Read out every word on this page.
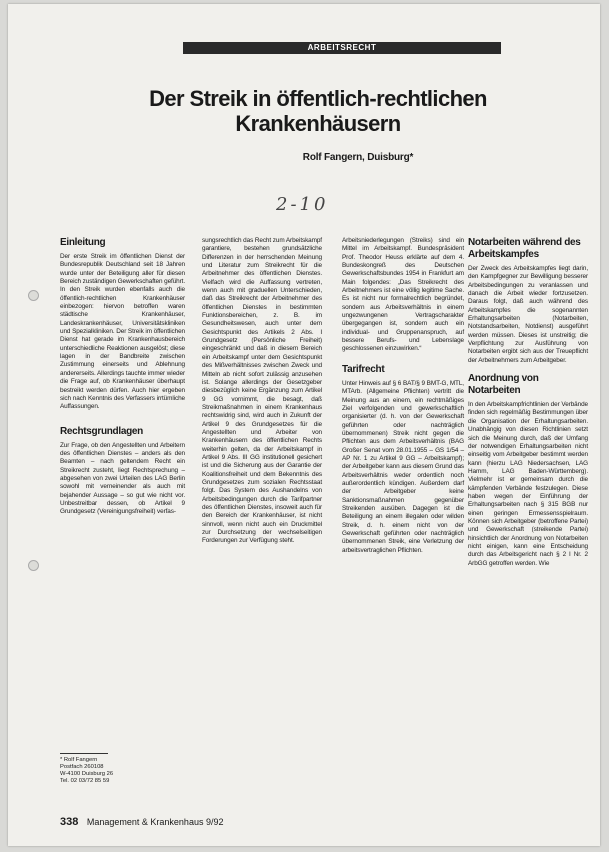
ARBEITSRECHT
Der Streik in öffentlich-rechtlichen
Krankenhäusern
Rolf Fangern, Duisburg*
2-10
Einleitung

Der erste Streik im öffentlichen Dienst der Bundesrepublik Deutschland seit 18 Jahren wurde unter der Beteiligung aller für diesen Bereich zuständigen Gewerkschaften geführt. In den Streik wurden ebenfalls auch die öffentlich-rechtlichen Krankenhäuser einbezogen: hiervon betroffen waren städtische Krankenhäuser, Landeskrankenhäuser, Universitätskliniken und Spezialkliniken. Der Streik im öffentlichen Dienst hat gerade im Krankenhausbereich unterschiedliche Reaktionen ausgelöst; diese lagen in der Bandbreite zwischen Zustimmung einerseits und Ablehnung andererseits. Allerdings tauchte immer wieder die Frage auf, ob Krankenhäuser überhaupt bestreikt werden dürfen. Auch hier ergeben sich nach Kenntnis des Verfassers irrtümliche Auffassungen.

Rechtsgrundlagen

Zur Frage, ob den Angestellten und Arbeitern des öffentlichen Dienstes – anders als den Beamten – nach geltendem Recht ein Streikrecht zusteht, liegt Rechtsprechung – abgesehen von zwei Urteilen des LAG Berlin sowohl mit verneinender als auch mit bejahender Aussage – so gut wie nicht vor. Unbestreitbar dessen, ob Artikel 9 Grundgesetz (Vereinigungsfreiheit) verfas-

sungsrechtlich das Recht zum Arbeitskampf garantiere, bestehen grundsätzliche Differenzen in der herrschenden Meinung und Literatur zum Streikrecht für die Arbeitnehmer des öffentlichen Dienstes. Vielfach wird die Auffassung vertreten, wenn auch mit graduellen Unterschieden, daß das Streikrecht der Arbeitnehmer des öffentlichen Dienstes in bestimmten Funktionsbereichen, z. B. im Gesundheitswesen, auch unter dem Gesichtspunkt des Artikels 2 Abs. I Grundgesetz (Persönliche Freiheit) eingeschränkt und daß in diesem Bereich ein Arbeitskampf unter dem Gesichtspunkt des Mißverhältnisses zwischen Zweck und Mitteln ab nicht sofort zulässig anzusehen ist. Solange allerdings der Gesetzgeber diesbezüglich keine Ergänzung zum Artikel 9 GG vornimmt, die besagt, daß Streikmaßnahmen in einem Krankenhaus rechtswidrig sind, wird auch in Zukunft der Artikel 9 des Grundgesetzes für die Angestellten und Arbeiter von Krankenhäusern des öffentlichen Rechts weiterhin gelten, da der Arbeitskampf in Artikel 9 Abs. III GG institutionell gesichert ist und die Sicherung aus der Garantie der Koalitionsfreiheit und dem Bekenntnis des Grundgesetzes zum sozialen Rechtsstaat folgt. Das System des Aushandelns von Arbeitsbedingungen durch die Tarifpartner des öffentlichen Dienstes, insoweit auch für den Bereich der Krankenhäuser, ist nicht sinnvoll, wenn nicht auch ein Druckmittel zur Durchsetzung der wechselseitigen Forderungen zur Verfügung steht.

Arbeitsniederlegungen (Streiks) sind ein Mittel im Arbeitskampf. Bundespräsident Prof. Theodor Heuss erklärte auf dem 4. Bundeskongreß des Deutschen Gewerkschaftsbundes 1954 in Frankfurt am Main folgendes: „Das Streikrecht des Arbeitnehmers ist eine völlig legitime Sache. Es ist nicht nur formalrechtlich begründet, sondern aus Arbeitsverhältnis in einem ungezwungenen Vertragscharakter übergegangen ist, sondern auch ein individual- und Gruppenanspruch, auf bessere Berufs- und Lebenslage geschlossenen einzuwirken.“

Tarifrecht

Unter Hinweis auf § 6 BAT/§ 9 BMT-G, MTL, MTArb. (Allgemeine Pflichten) vertritt die Meinung aus an einem, ein rechtmäßiges Ziel verfolgenden und gewerkschaftlich organisierter (d. h. von der Gewerkschaft geführten oder nachträglich übernommenen) Streik nicht gegen die Pflichten aus dem Arbeitsverhältnis (BAG Großer Senat vom 28.01.1955 – GS 1/54 – AP Nr. 1 zu Artikel 9 GG – Arbeitskampf); der Arbeitgeber kann aus diesem Grund das Arbeitsverhältnis weder ordentlich noch außerordentlich kündigen. Außerdem darf der Arbeitgeber keine Sanktionsmaßnahmen gegenüber Streikenden ausüben. Dagegen ist die Beteiligung an einem illegalen oder wilden Streik, d. h. einem nicht von der Gewerkschaft geführten oder nachträglich übernommenen Streik, eine Verletzung der arbeitsvertraglichen Pflichten.

Notarbeiten während des Arbeitskampfes

Der Zweck des Arbeitskampfes liegt darin, den Kampfgegner zur Bewilligung besserer Arbeitsbedingungen zu veranlassen und danach die Arbeit wieder fortzusetzen. Daraus folgt, daß auch während des Arbeitskampfes die sogenannten Erhaltungsarbeiten (Notarbeiten, Notstandsarbeiten, Notdienst) ausgeführt werden müssen. Dieses ist unstreitig; die Verpflichtung zur Ausführung von Notarbeiten ergibt sich aus der Treuepflicht der Arbeitnehmers zum Arbeitgeber.

Anordnung von Notarbeiten

In den Arbeitskampfrichtlinien der Verbände finden sich regelmäßig Bestimmungen über die Organisation der Erhaltungsarbeiten. Unabhängig von diesen Richtlinien setzt sich die Meinung durch, daß der Umfang der notwendigen Erhaltungsarbeiten nicht einseitig vom Arbeitgeber bestimmt werden kann (hierzu LAG Niedersachsen, LAG Hamm, LAG Baden-Württemberg). Vielmehr ist er gemeinsam durch die kämpfenden Verbände festzulegen. Diese haben wegen der Einführung der Erhaltungsarbeiten nach § 315 BGB nur einen geringen Ermessensspielraum. Können sich Arbeitgeber (betroffene Partei) und Gewerkschaft (streikende Partei) hinsichtlich der Anordnung von Notarbeiten nicht einigen, kann eine Entscheidung durch das Arbeitsgericht nach § 2 I Nr. 2 ArbGG getroffen werden. Wie

* Rolf Fangern
Postfach 260108
W-4100 Duisburg 26
Tel. 02 03/72 85 59
338 Management & Krankenhaus 9/92
